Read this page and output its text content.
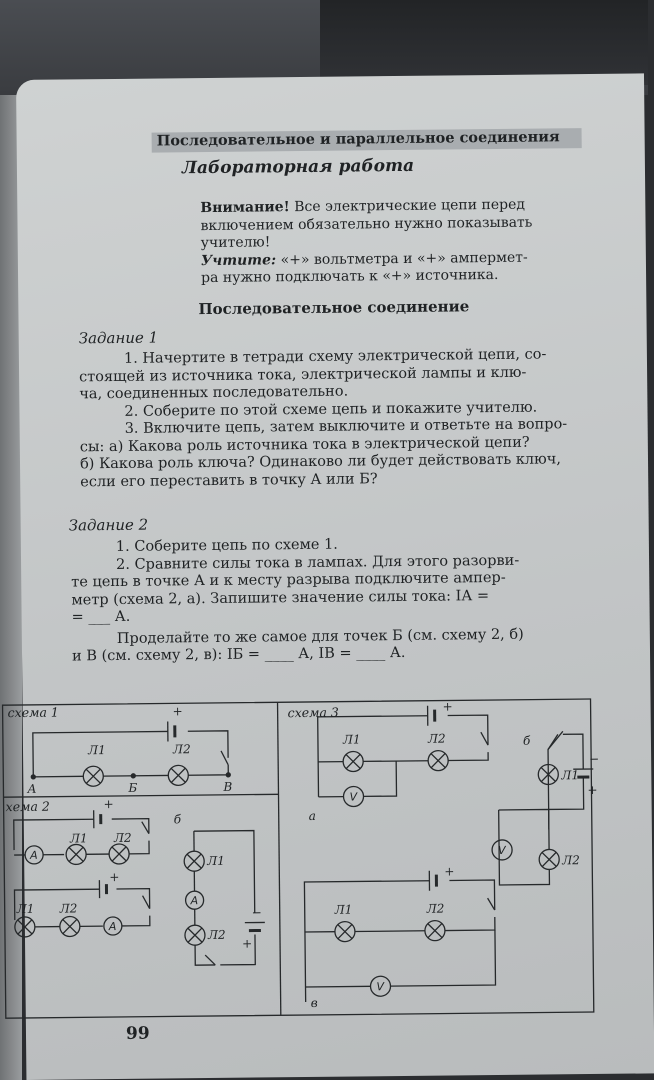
Последовательное и параллельное соединения
Лабораторная работа
Внимание! Все электрические цепи перед
включением обязательно нужно показывать
учителю!
Учтите: «+» вольтметра и «+» ампермет-
ра нужно подключать к «+» источника.
Последовательное соединение
Задание 1
1. Начертите в тетради схему электрической цепи, со-
стоящей из источника тока, электрической лампы и клю-
ча, соединенных последовательно.
2. Соберите по этой схеме цепь и покажите учителю.
3. Включите цепь, затем выключите и ответьте на вопро-
сы: а) Какова роль источника тока в электрической цепи?
б) Какова роль ключа? Одинаково ли будет действовать ключ,
если его переставить в точку А или Б?
Задание 2
1. Соберите цепь по схеме 1.
2. Сравните силы тока в лампах. Для этого разорви-
те цепь в точке А и к месту разрыва подключите ампер-
метр (схема 2, а). Запишите значение силы тока: IА =
= ___ А.
Проделайте то же самое для точек Б (см. схему 2, б)
и В (см. схему 2, в): IБ = ____ А, IВ = ____ А.
схема 1
хема 2
схема 3
+
Л1	Л2
А	Б	В
+
Л1 Л2
A
+
Л1 Л2
A
б
Л1
A
Л2
−
+
+
Л1	Л2
V
а
б
Л1
−
+
V
Л2
+
Л1	Л2
V
в
99
